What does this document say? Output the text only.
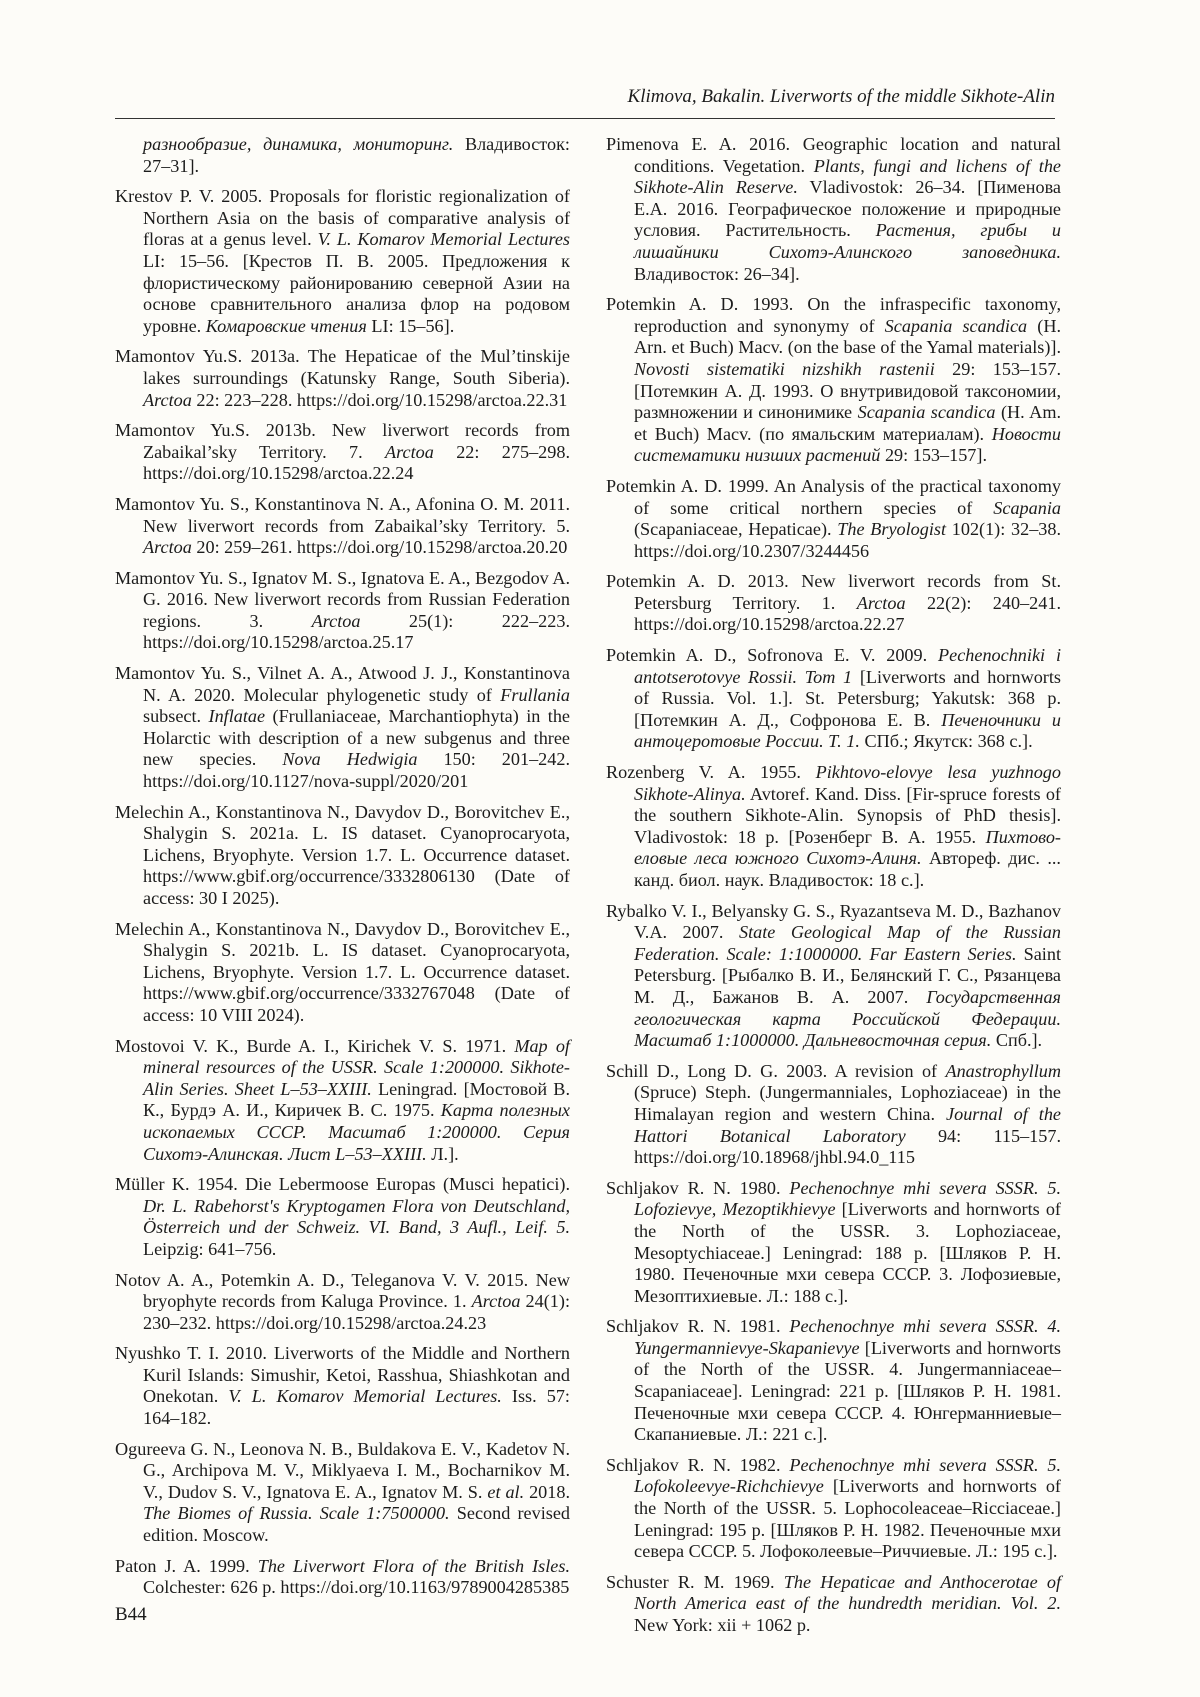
Klimova, Bakalin. Liverworts of the middle Sikhote-Alin

разнообразие, динамика, мониторинг. Владивосток: 27–31].

Krestov P. V. 2005. Proposals for floristic regionalization of Northern Asia on the basis of comparative analysis of floras at a genus level. V. L. Komarov Memorial Lectures LI: 15–56. [Крестов П. В. 2005. Предложения к флористическому районированию северной Азии на основе сравнительного анализа флор на родовом уровне. Комаровские чтения LI: 15–56].

Mamontov Yu.S. 2013a. The Hepaticae of the Mul’tinskije lakes surroundings (Katunsky Range, South Siberia). Arctoa 22: 223–228. https://doi.org/10.15298/arctoa.22.31

Mamontov Yu.S. 2013b. New liverwort records from Zabaikal’sky Territory. 7. Arctoa 22: 275–298. https://doi.org/10.15298/arctoa.22.24

Mamontov Yu. S., Konstantinova N. A., Afonina O. M. 2011. New liverwort records from Zabaikal’sky Territory. 5. Arctoa 20: 259–261. https://doi.org/10.15298/arctoa.20.20

Mamontov Yu. S., Ignatov M. S., Ignatova E. A., Bezgodov A. G. 2016. New liverwort records from Russian Federation regions. 3. Arctoa 25(1): 222–223. https://doi.org/10.15298/arctoa.25.17

Mamontov Yu. S., Vilnet A. A., Atwood J. J., Konstantinova N. A. 2020. Molecular phylogenetic study of Frullania subsect. Inflatae (Frullaniaceae, Marchantiophyta) in the Holarctic with description of a new subgenus and three new species. Nova Hedwigia 150: 201–242. https://doi.org/10.1127/nova-suppl/2020/201

Melechin A., Konstantinova N., Davydov D., Borovitchev E., Shalygin S. 2021a. L. IS dataset. Cyanoprocaryota, Lichens, Bryophyte. Version 1.7. L. Occurrence dataset. https://www.gbif.org/occurrence/3332806130 (Date of access: 30 I 2025).

Melechin A., Konstantinova N., Davydov D., Borovitchev E., Shalygin S. 2021b. L. IS dataset. Cyanoprocaryota, Lichens, Bryophyte. Version 1.7. L. Occurrence dataset. https://www.gbif.org/occurrence/3332767048 (Date of access: 10 VIII 2024).

Mostovoi V. K., Burde A. I., Kirichek V. S. 1971. Map of mineral resources of the USSR. Scale 1:200000. Sikhote-Alin Series. Sheet L–53–XXIII. Leningrad. [Мостовой В. К., Бурдэ А. И., Киричек В. С. 1975. Карта полезных ископаемых СССР. Масштаб 1:200000. Серия Сихотэ-Алинская. Лист L–53–XXIII. Л.].

Müller K. 1954. Die Lebermoose Europas (Musci hepatici). Dr. L. Rabehorst's Kryptogamen Flora von Deutschland, Österreich und der Schweiz. VI. Band, 3 Aufl., Leif. 5. Leipzig: 641–756.

Notov A. A., Potemkin A. D., Teleganova V. V. 2015. New bryophyte records from Kaluga Province. 1. Arctoa 24(1): 230–232. https://doi.org/10.15298/arctoa.24.23

Nyushko T. I. 2010. Liverworts of the Middle and Northern Kuril Islands: Simushir, Ketoi, Rasshua, Shiashkotan and Onekotan. V. L. Komarov Memorial Lectures. Iss. 57: 164–182.

Ogureeva G. N., Leonova N. B., Buldakova E. V., Kadetov N. G., Archipova M. V., Miklyaeva I. M., Bocharnikov M. V., Dudov S. V., Ignatova E. A., Ignatov M. S. et al. 2018. The Biomes of Russia. Scale 1:7500000. Second revised edition. Moscow.

Paton J. A. 1999. The Liverwort Flora of the British Isles. Colchester: 626 p. https://doi.org/10.1163/9789004285385

Pimenova E. A. 2016. Geographic location and natural conditions. Vegetation. Plants, fungi and lichens of the Sikhote-Alin Reserve. Vladivostok: 26–34. [Пименова Е.А. 2016. Географическое положение и природные условия. Растительность. Растения, грибы и лишайники Сихотэ-Алинского заповедника. Владивосток: 26–34].

Potemkin A. D. 1993. On the infraspecific taxonomy, reproduction and synonymy of Scapania scandica (H. Arn. et Buch) Macv. (on the base of the Yamal materials)]. Novosti sistematiki nizshikh rastenii 29: 153–157. [Потемкин А. Д. 1993. О внутривидовой таксономии, размножении и синонимике Scapania scandica (H. Am. et Buch) Macv. (по ямальским материалам). Новости систематики низших растений 29: 153–157].

Potemkin A. D. 1999. An Analysis of the practical taxonomy of some critical northern species of Scapania (Scapaniaceae, Hepaticae). The Bryologist 102(1): 32–38. https://doi.org/10.2307/3244456

Potemkin A. D. 2013. New liverwort records from St. Petersburg Territory. 1. Arctoa 22(2): 240–241. https://doi.org/10.15298/arctoa.22.27

Potemkin A. D., Sofronova E. V. 2009. Pechenochniki i antotserotovye Rossii. Tom 1 [Liverworts and hornworts of Russia. Vol. 1.]. St. Petersburg; Yakutsk: 368 p. [Потемкин А. Д., Софронова Е. В. Печеночники и антоцеротовые России. Т. 1. СПб.; Якутск: 368 с.].

Rozenberg V. A. 1955. Pikhtovo-elovye lesa yuzhnogo Sikhote-Alinya. Avtoref. Kand. Diss. [Fir-spruce forests of the southern Sikhote-Alin. Synopsis of PhD thesis]. Vladivostok: 18 p. [Розенберг В. А. 1955. Пихтово-еловые леса южного Сихотэ-Алиня. Автореф. дис. ... канд. биол. наук. Владивосток: 18 с.].

Rybalko V. I., Belyansky G. S., Ryazantseva M. D., Bazhanov V.A. 2007. State Geological Map of the Russian Federation. Scale: 1:1000000. Far Eastern Series. Saint Petersburg. [Рыбалко В. И., Белянский Г. С., Рязанцева М. Д., Бажанов В. А. 2007. Государственная геологическая карта Российской Федерации. Масштаб 1:1000000. Дальневосточная серия. Спб.].

Schill D., Long D. G. 2003. A revision of Anastrophyllum (Spruce) Steph. (Jungermanniales, Lophoziaceae) in the Himalayan region and western China. Journal of the Hattori Botanical Laboratory 94: 115–157. https://doi.org/10.18968/jhbl.94.0_115

Schljakov R. N. 1980. Pechenochnye mhi severa SSSR. 5. Lofozievye, Mezoptikhievye [Liverworts and hornworts of the North of the USSR. 3. Lophoziaceae, Mesoptychiaceae.] Leningrad: 188 p. [Шляков Р. Н. 1980. Печеночные мхи севера СССР. 3. Лофозиевые, Мезоптихиевые. Л.: 188 с.].

Schljakov R. N. 1981. Pechenochnye mhi severa SSSR. 4. Yungermannievye-Skapanievye [Liverworts and hornworts of the North of the USSR. 4. Jungermanniaceae–Scapaniaceae]. Leningrad: 221 p. [Шляков Р. Н. 1981. Печеночные мхи севера СССР. 4. Юнгерманниевые–Скапаниевые. Л.: 221 с.].

Schljakov R. N. 1982. Pechenochnye mhi severa SSSR. 5. Lofokoleevye-Richchievye [Liverworts and hornworts of the North of the USSR. 5. Lophocoleaceae–Ricciaceae.] Leningrad: 195 p. [Шляков Р. Н. 1982. Печеночные мхи севера СССР. 5. Лофоколеевые–Риччиевые. Л.: 195 с.].

Schuster R. M. 1969. The Hepaticae and Anthocerotae of North America east of the hundredth meridian. Vol. 2. New York: xii + 1062 p.

B44
